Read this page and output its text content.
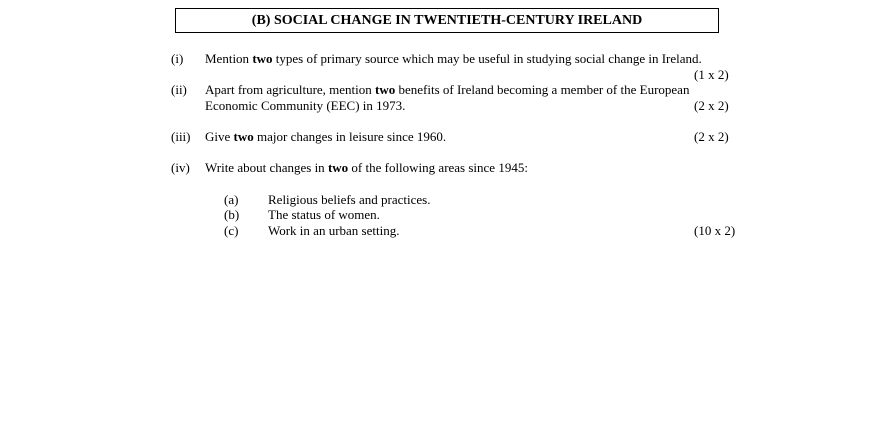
(B) SOCIAL CHANGE IN TWENTIETH-CENTURY IRELAND
(i) Mention two types of primary source which may be useful in studying social change in Ireland.
(1 x 2)
(ii) Apart from agriculture, mention two benefits of Ireland becoming a member of the European
Economic Community (EEC) in 1973.	(2 x 2)
(iii) Give two major changes in leisure since 1960.	(2 x 2)
(iv) Write about changes in two of the following areas since 1945:
(a) Religious beliefs and practices.
(b) The status of women.
(c) Work in an urban setting.	(10 x 2)
